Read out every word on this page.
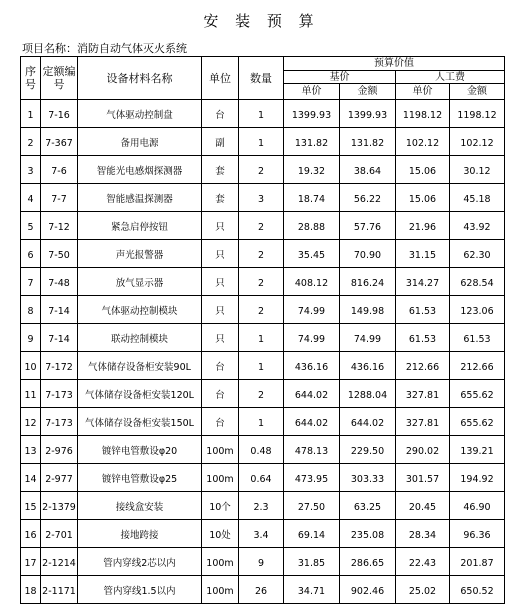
安 装 预 算
项目名称：消防自动气体灭火系统
序号	定额编号	设备材料名称	单位	数量	预算价值			
					基价		人工费	
					单价	金额	单价	金额
1	7-16	气体驱动控制盘	台	1	1399.93	1399.93	1198.12	1198.12
2	7-367	备用电源	副	1	131.82	131.82	102.12	102.12
3	7-6	智能光电感烟探测器	套	2	19.32	38.64	15.06	30.12
4	7-7	智能感温探测器	套	3	18.74	56.22	15.06	45.18
5	7-12	紧急启停按钮	只	2	28.88	57.76	21.96	43.92
6	7-50	声光报警器	只	2	35.45	70.90	31.15	62.30
7	7-48	放气显示器	只	2	408.12	816.24	314.27	628.54
8	7-14	气体驱动控制模块	只	2	74.99	149.98	61.53	123.06
9	7-14	联动控制模块	只	1	74.99	74.99	61.53	61.53
10	7-172	气体储存设备柜安装90L	台	1	436.16	436.16	212.66	212.66
11	7-173	气体储存设备柜安装120L	台	2	644.02	1288.04	327.81	655.62
12	7-173	气体储存设备柜安装150L	台	1	644.02	644.02	327.81	655.62
13	2-976	镀锌电管敷设φ20	100m	0.48	478.13	229.50	290.02	139.21
14	2-977	镀锌电管敷设φ25	100m	0.64	473.95	303.33	301.57	194.92
15	2-1379	接线盒安装	10个	2.3	27.50	63.25	20.45	46.90
16	2-701	接地跨接	10处	3.4	69.14	235.08	28.34	96.36
17	2-1214	管内穿线2芯以内	100m	9	31.85	286.65	22.43	201.87
18	2-1171	管内穿线1.5以内	100m	26	34.71	902.46	25.02	650.52
